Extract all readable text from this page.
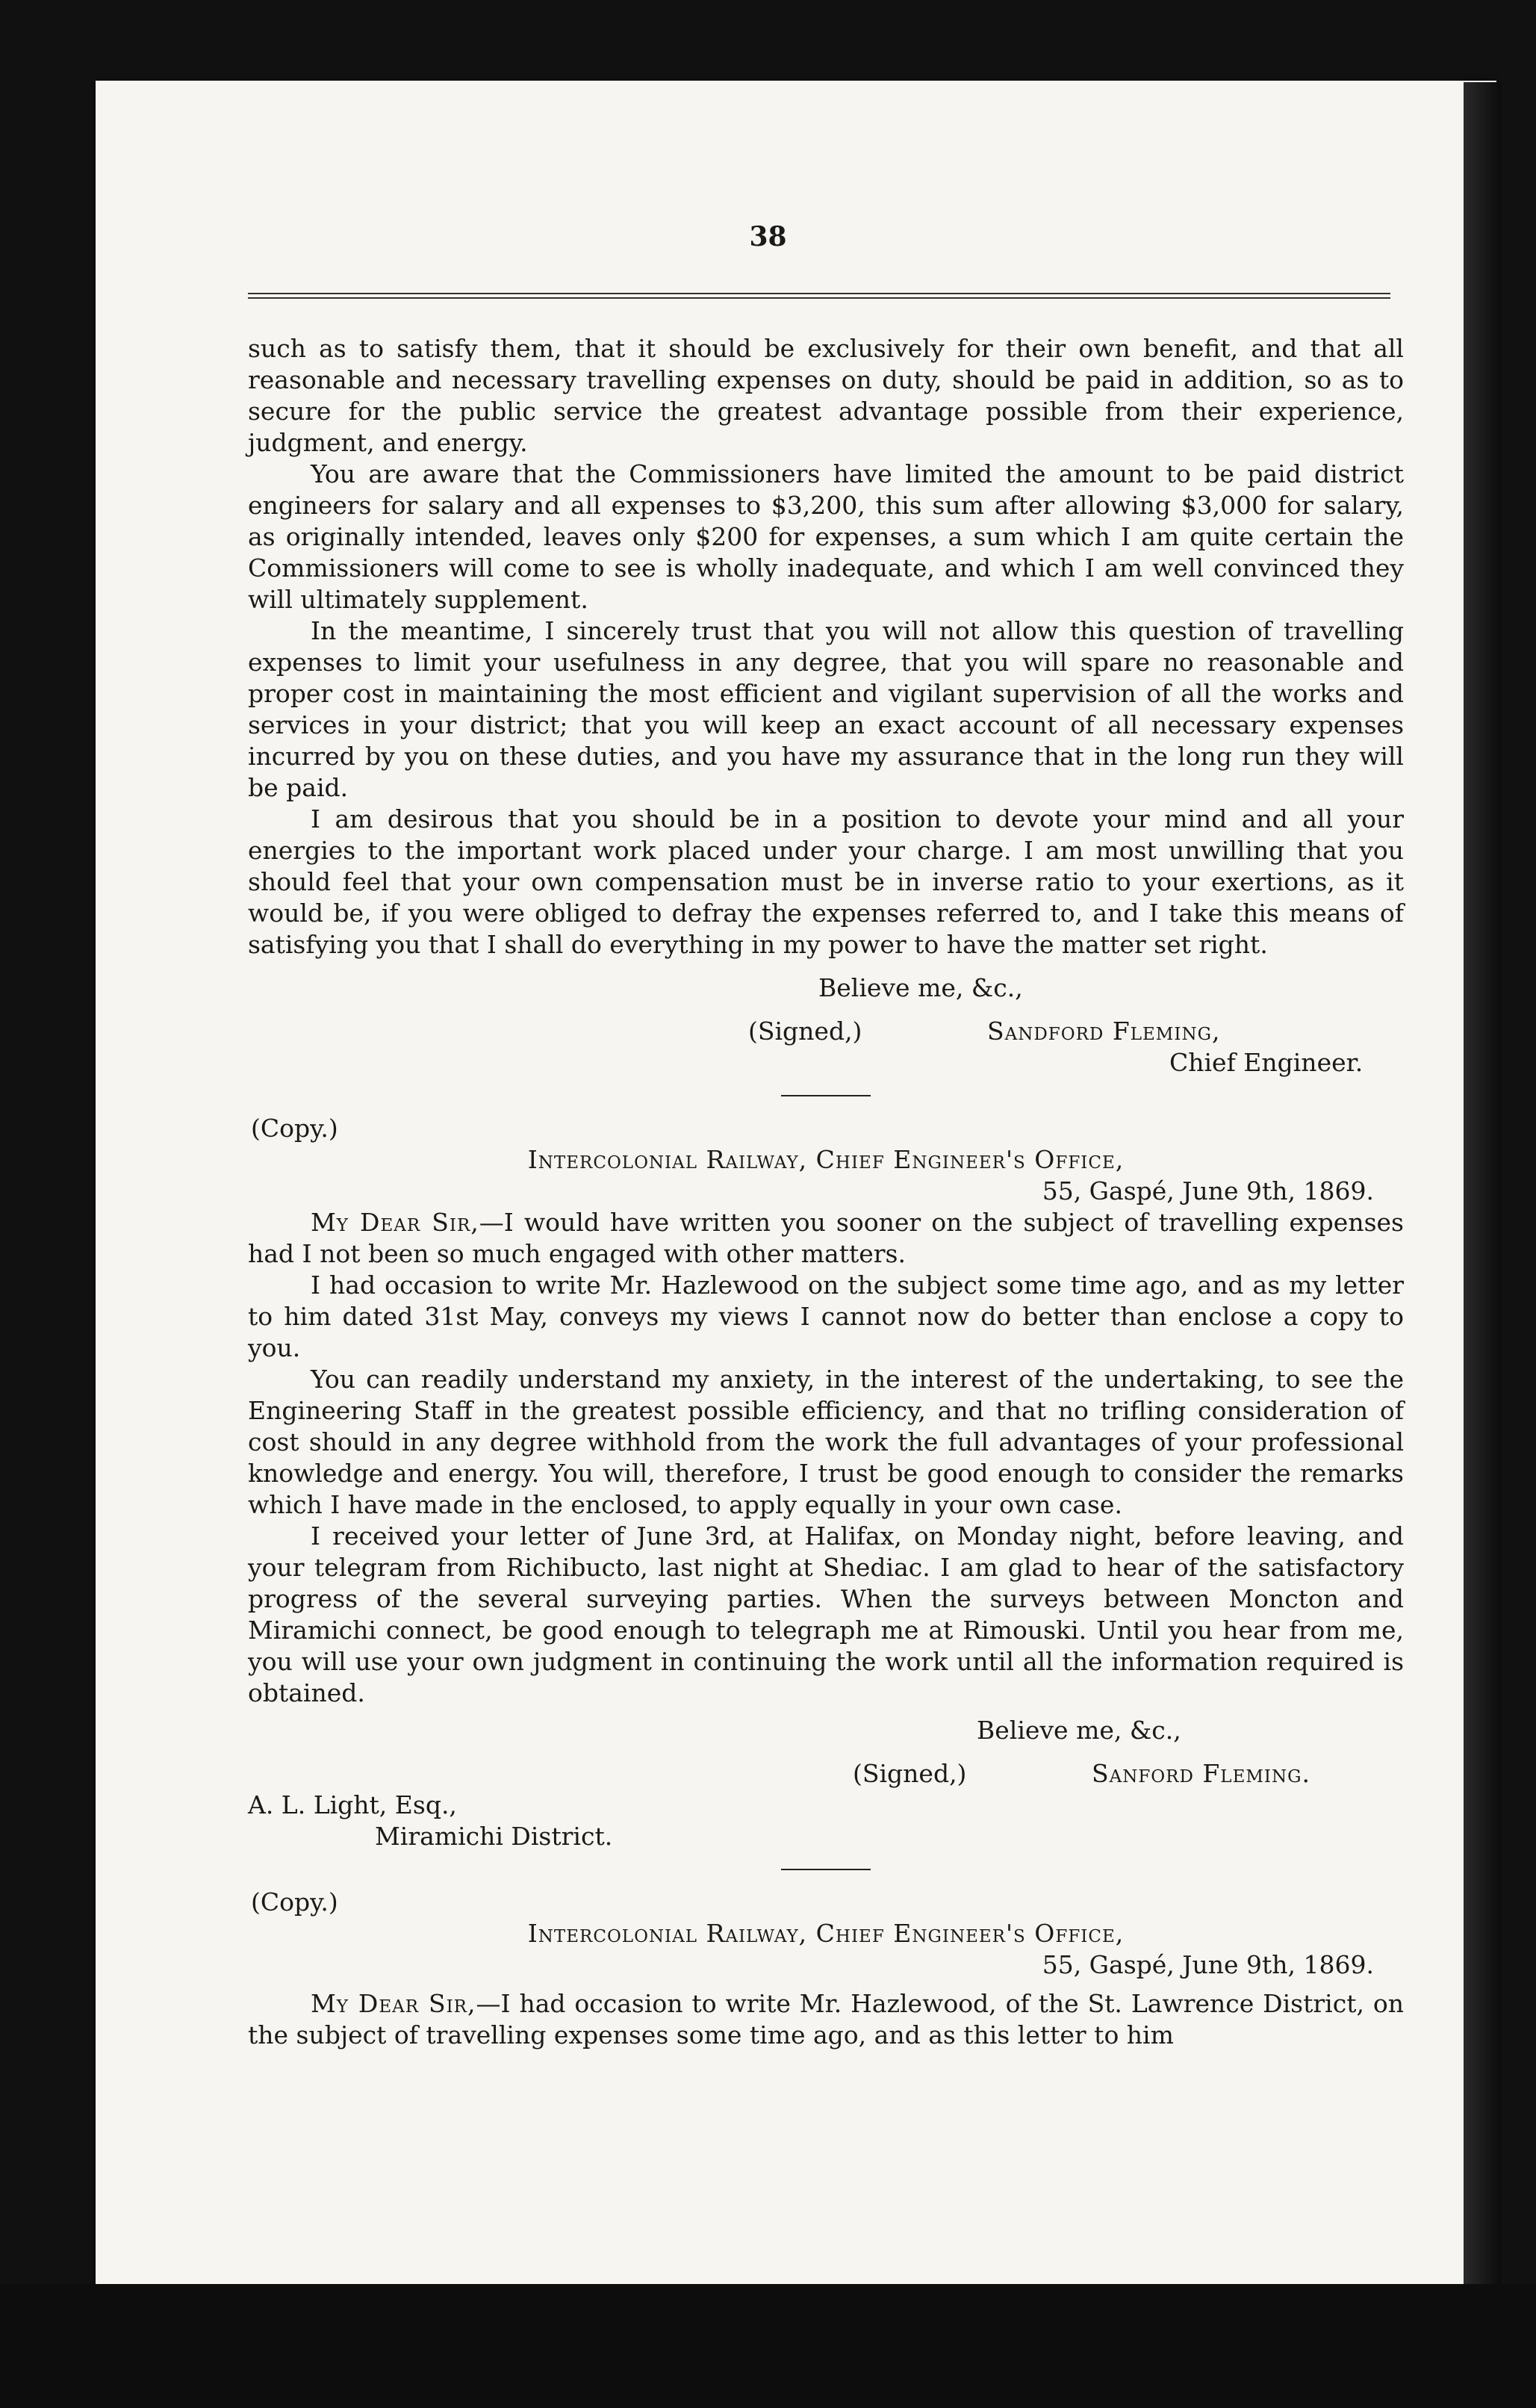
38

such as to satisfy them, that it should be exclusively for their own benefit, and that all reasonable and necessary travelling expenses on duty, should be paid in addition, so as to secure for the public service the greatest advantage possible from their experience, judgment, and energy.

You are aware that the Commissioners have limited the amount to be paid district engineers for salary and all expenses to $3,200, this sum after allowing $3,000 for salary, as originally intended, leaves only $200 for expenses, a sum which I am quite certain the Commissioners will come to see is wholly inadequate, and which I am well convinced they will ultimately supplement.

In the meantime, I sincerely trust that you will not allow this question of travelling expenses to limit your usefulness in any degree, that you will spare no reasonable and proper cost in maintaining the most efficient and vigilant supervision of all the works and services in your district; that you will keep an exact account of all necessary expenses incurred by you on these duties, and you have my assurance that in the long run they will be paid.

I am desirous that you should be in a position to devote your mind and all your energies to the important work placed under your charge. I am most unwilling that you should feel that your own compensation must be in inverse ratio to your exertions, as it would be, if you were obliged to defray the expenses referred to, and I take this means of satisfying you that I shall do everything in my power to have the matter set right.

Believe me, &c.,
(Signed,)	Sandford Fleming,
Chief Engineer.
(Copy.)
Intercolonial Railway, Chief Engineer's Office,
55, Gaspé, June 9th, 1869.

My Dear Sir,—I would have written you sooner on the subject of travelling expenses had I not been so much engaged with other matters.

I had occasion to write Mr. Hazlewood on the subject some time ago, and as my letter to him dated 31st May, conveys my views I cannot now do better than enclose a copy to you.

You can readily understand my anxiety, in the interest of the undertaking, to see the Engineering Staff in the greatest possible efficiency, and that no trifling consideration of cost should in any degree withhold from the work the full advantages of your professional knowledge and energy. You will, therefore, I trust be good enough to consider the remarks which I have made in the enclosed, to apply equally in your own case.

I received your letter of June 3rd, at Halifax, on Monday night, before leaving, and your telegram from Richibucto, last night at Shediac. I am glad to hear of the satisfactory progress of the several surveying parties. When the surveys between Moncton and Miramichi connect, be good enough to telegraph me at Rimouski. Until you hear from me, you will use your own judgment in continuing the work until all the information required is obtained.

Believe me, &c.,
(Signed,)	Sanford Fleming.
A. L. Light, Esq.,
Miramichi District.
(Copy.)
Intercolonial Railway, Chief Engineer's Office,
55, Gaspé, June 9th, 1869.

My Dear Sir,—I had occasion to write Mr. Hazlewood, of the St. Lawrence District, on the subject of travelling expenses some time ago, and as this letter to him
